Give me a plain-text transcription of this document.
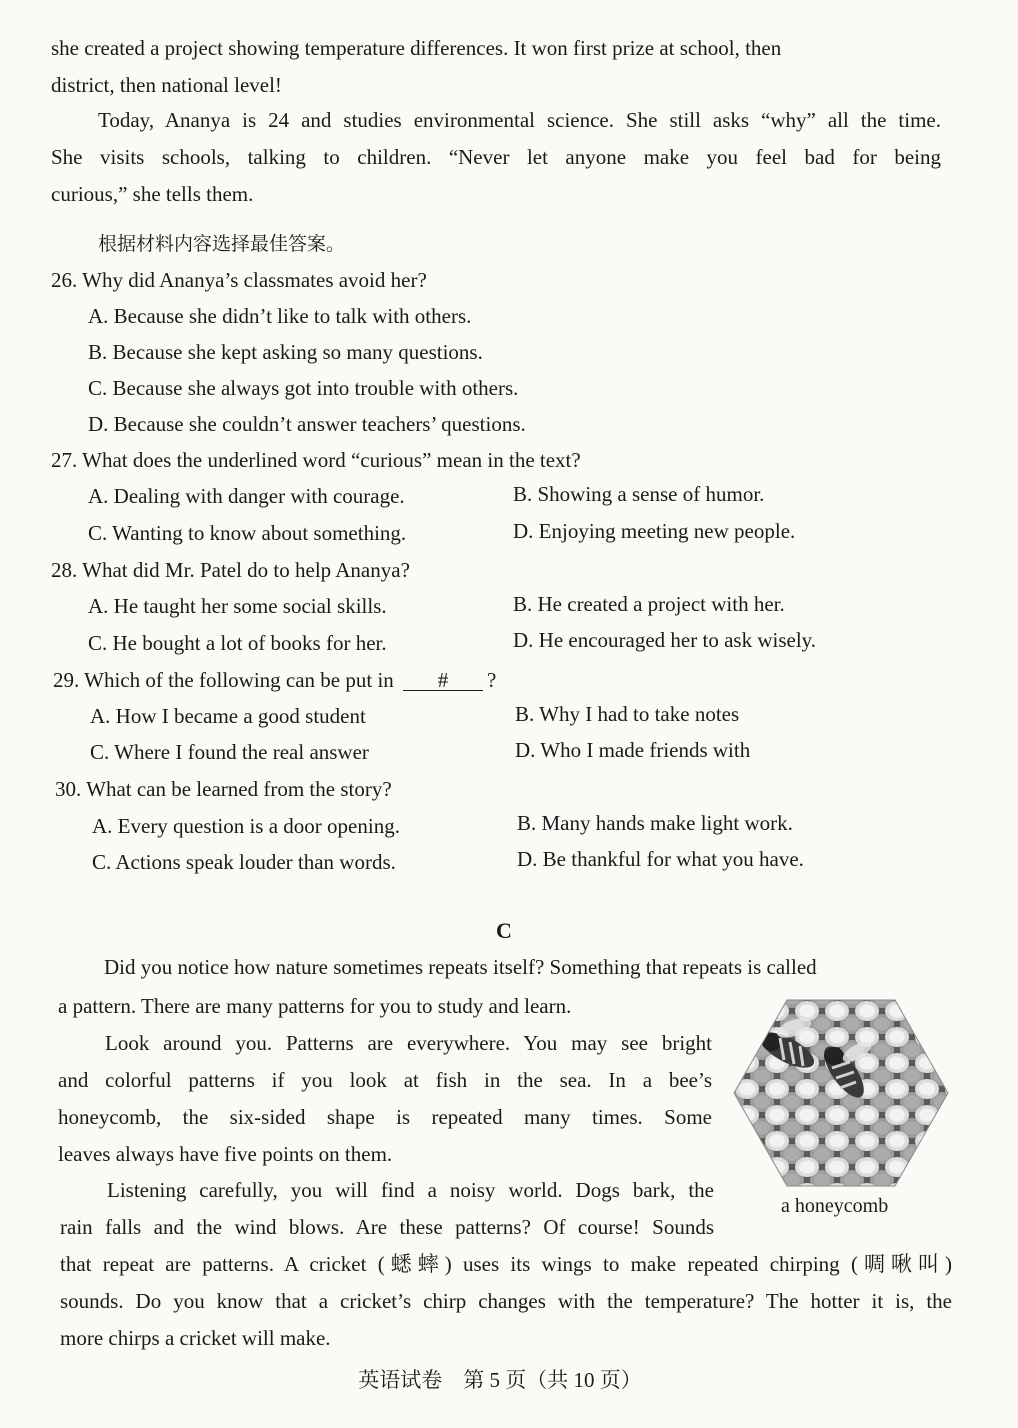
she created a project showing temperature differences. It won first prize at school, then
district, then national level!
Today, Ananya is 24 and studies environmental science. She still asks “why” all the time.
She visits schools, talking to children. “Never let anyone make you feel bad for being
curious,” she tells them.
根据材料内容选择最佳答案。
26. Why did Ananya’s classmates avoid her?
A. Because she didn’t like to talk with others.
B. Because she kept asking so many questions.
C. Because she always got into trouble with others.
D. Because she couldn’t answer teachers’ questions.
27. What does the underlined word “curious” mean in the text?
A. Dealing with danger with courage.	B. Showing a sense of humor.
C. Wanting to know about something.	D. Enjoying meeting new people.
28. What did Mr. Patel do to help Ananya?
A. He taught her some social skills.	B. He created a project with her.
C. He bought a lot of books for her.	D. He encouraged her to ask wisely.
29. Which of the following can be put in # ?
A. How I became a good student	B. Why I had to take notes
C. Where I found the real answer	D. Who I made friends with
30. What can be learned from the story?
A. Every question is a door opening.	B. Many hands make light work.
C. Actions speak louder than words.	D. Be thankful for what you have.
C
Did you notice how nature sometimes repeats itself? Something that repeats is called
a pattern. There are many patterns for you to study and learn.
Look around you. Patterns are everywhere. You may see bright
and colorful patterns if you look at fish in the sea. In a bee’s
honeycomb, the six-sided shape is repeated many times. Some
leaves always have five points on them.
Listening carefully, you will find a noisy world. Dogs bark, the
rain falls and the wind blows. Are these patterns? Of course! Sounds
that repeat are patterns. A cricket (蟋蟀) uses its wings to make repeated chirping (啁啾叫)
sounds. Do you know that a cricket’s chirp changes with the temperature? The hotter it is, the
more chirps a cricket will make.
a honeycomb
英语试卷　第 5 页（共 10 页）
